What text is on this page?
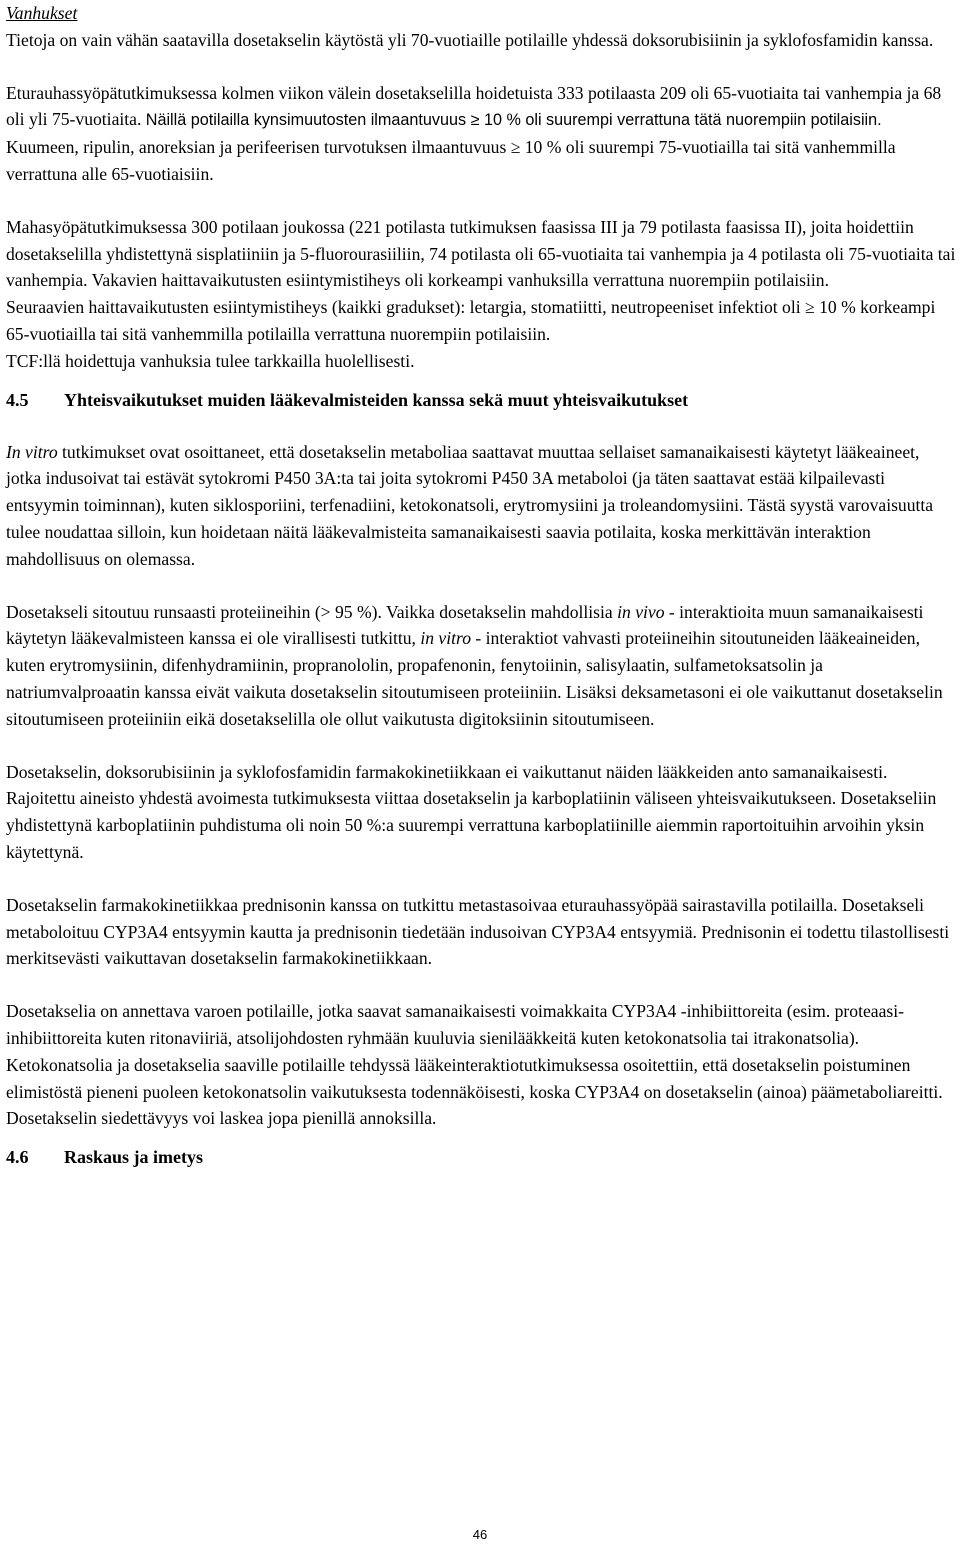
Vanhukset

Tietoja on vain vähän saatavilla dosetakselin käytöstä yli 70-vuotiaille potilaille yhdessä doksorubisiinin ja syklofosfamidin kanssa.

Eturauhassyöpätutkimuksessa kolmen viikon välein dosetakselilla hoidetuista 333 potilaasta 209 oli 65-vuotiaita tai vanhempia ja 68 oli yli 75-vuotiaita. Näillä potilailla kynsimuutosten ilmaantuvuus ≥ 10 % oli suurempi verrattuna tätä nuorempiin potilaisiin. Kuumeen, ripulin, anoreksian ja perifeerisen turvotuksen ilmaantuvuus ≥ 10 % oli suurempi 75-vuotiailla tai sitä vanhemmilla verrattuna alle 65-vuotiaisiin.

Mahasyöpätutkimuksessa 300 potilaan joukossa (221 potilasta tutkimuksen faasissa III ja 79 potilasta faasissa II), joita hoidettiin dosetakselilla yhdistettynä sisplatiiniin ja 5-fluorourasiiliin, 74 potilasta oli 65-vuotiaita tai vanhempia ja 4 potilasta oli 75-vuotiaita tai vanhempia. Vakavien haittavaikutusten esiintymistiheys oli korkeampi vanhuksilla verrattuna nuorempiin potilaisiin.

Seuraavien haittavaikutusten esiintymistiheys (kaikki gradukset): letargia, stomatiitti, neutropeeniset infektiot oli ≥ 10 % korkeampi 65-vuotiailla tai sitä vanhemmilla potilailla verrattuna nuorempiin potilaisiin.

TCF:llä hoidettuja vanhuksia tulee tarkkailla huolellisesti.

4.5 Yhteisvaikutukset muiden lääkevalmisteiden kanssa sekä muut yhteisvaikutukset

In vitro tutkimukset ovat osoittaneet, että dosetakselin metaboliaa saattavat muuttaa sellaiset samanaikaisesti käytetyt lääkeaineet, jotka indusoivat tai estävät sytokromi P450 3A:ta tai joita sytokromi P450 3A metaboloi (ja täten saattavat estää kilpailevasti entsyymin toiminnan), kuten siklosporiini, terfenadiini, ketokonatsoli, erytromysiini ja troleandomysiini. Tästä syystä varovaisuutta tulee noudattaa silloin, kun hoidetaan näitä lääkevalmisteita samanaikaisesti saavia potilaita, koska merkittävän interaktion mahdollisuus on olemassa.

Dosetakseli sitoutuu runsaasti proteiineihin (> 95 %). Vaikka dosetakselin mahdollisia in vivo - interaktioita muun samanaikaisesti käytetyn lääkevalmisteen kanssa ei ole virallisesti tutkittu, in vitro - interaktiot vahvasti proteiineihin sitoutuneiden lääkeaineiden, kuten erytromysiinin, difenhydramiinin, propranololin, propafenonin, fenytoiinin, salisylaatin, sulfametoksatsolin ja natriumvalproaatin kanssa eivät vaikuta dosetakselin sitoutumiseen proteiiniin. Lisäksi deksametasoni ei ole vaikuttanut dosetakselin sitoutumiseen proteiiniin eikä dosetakselilla ole ollut vaikutusta digitoksiinin sitoutumiseen.

Dosetakselin, doksorubisiinin ja syklofosfamidin farmakokinetiikkaan ei vaikuttanut näiden lääkkeiden anto samanaikaisesti. Rajoitettu aineisto yhdestä avoimesta tutkimuksesta viittaa dosetakselin ja karboplatiinin väliseen yhteisvaikutukseen. Dosetakseliin yhdistettynä karboplatiinin puhdistuma oli noin 50 %:a suurempi verrattuna karboplatiinille aiemmin raportoituihin arvoihin yksin käytettynä.

Dosetakselin farmakokinetiikkaa prednisonin kanssa on tutkittu metastasoivaa eturauhassyöpää sairastavilla potilailla. Dosetakseli metaboloituu CYP3A4 entsyymin kautta ja prednisonin tiedetään indusoivan CYP3A4 entsyymiä. Prednisonin ei todettu tilastollisesti merkitsevästi vaikuttavan dosetakselin farmakokinetiikkaan.

Dosetakselia on annettava varoen potilaille, jotka saavat samanaikaisesti voimakkaita CYP3A4 -inhibiittoreita (esim. proteaasi-inhibiittoreita kuten ritonaviiriä, atsolijohdosten ryhmään kuuluvia sienilääkkeitä kuten ketokonatsolia tai itrakonatsolia). Ketokonatsolia ja dosetakselia saaville potilaille tehdyssä lääkeinteraktiotutkimuksessa osoitettiin, että dosetakselin poistuminen elimistöstä pieneni puoleen ketokonatsolin vaikutuksesta todennäköisesti, koska CYP3A4 on dosetakselin (ainoa) päämetaboliareitti. Dosetakselin siedettävyys voi laskea jopa pienillä annoksilla.

4.6 Raskaus ja imetys
46
